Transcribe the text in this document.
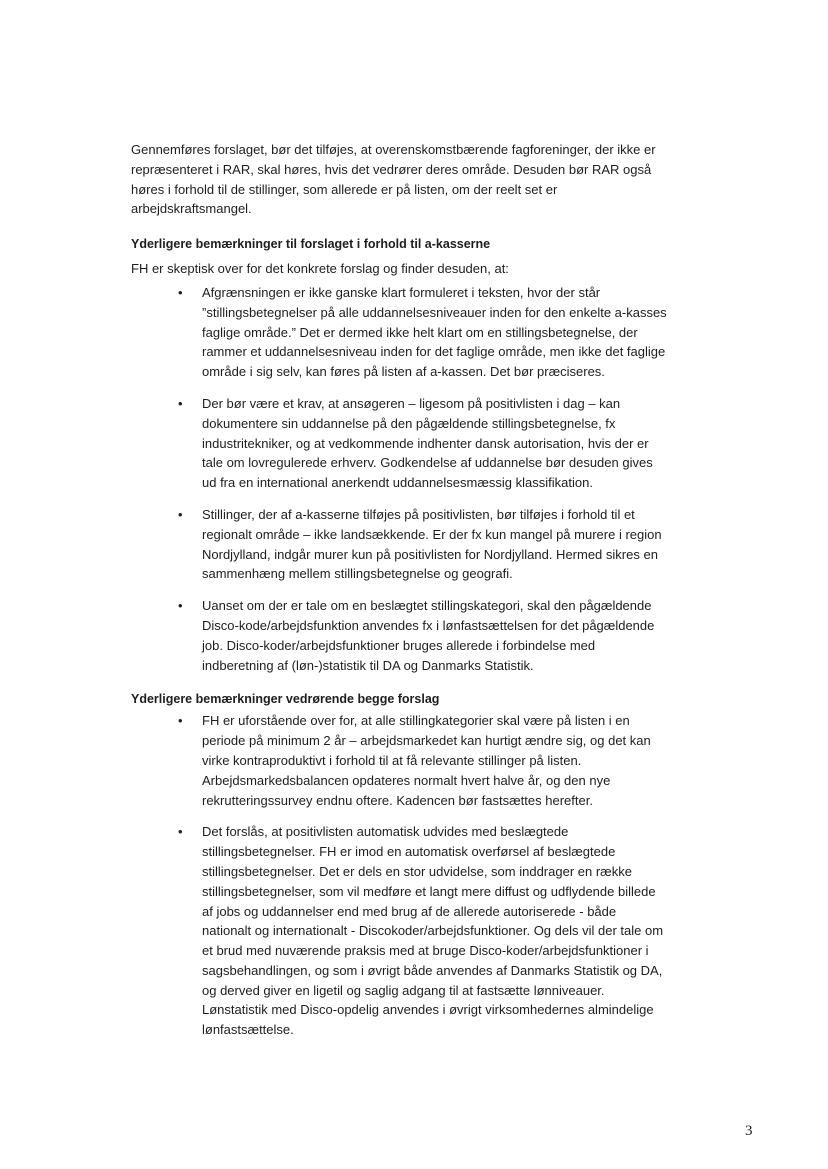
Gennemføres forslaget, bør det tilføjes, at overenskomstbærende fagforeninger, der ikke er repræsenteret i RAR, skal høres, hvis det vedrører deres område. Desuden bør RAR også høres i forhold til de stillinger, som allerede er på listen, om der reelt set er arbejdskraftsmangel.

Yderligere bemærkninger til forslaget i forhold til a-kasserne

FH er skeptisk over for det konkrete forslag og finder desuden, at:

• Afgrænsningen er ikke ganske klart formuleret i teksten, hvor der står ”stillingsbetegnelser på alle uddannelsesniveauer inden for den enkelte a-kasses faglige område.” Det er dermed ikke helt klart om en stillingsbetegnelse, der rammer et uddannelsesniveau inden for det faglige område, men ikke det faglige område i sig selv, kan føres på listen af a-kassen. Det bør præciseres.
• Der bør være et krav, at ansøgeren – ligesom på positivlisten i dag – kan dokumentere sin uddannelse på den pågældende stillingsbetegnelse, fx industritekniker, og at vedkommende indhenter dansk autorisation, hvis der er tale om lovregulerede erhverv. Godkendelse af uddannelse bør desuden gives ud fra en international anerkendt uddannelsesmæssig klassifikation.
• Stillinger, der af a-kasserne tilføjes på positivlisten, bør tilføjes i forhold til et regionalt område – ikke landsækkende. Er der fx kun mangel på murere i region Nordjylland, indgår murer kun på positivlisten for Nordjylland. Hermed sikres en sammenhæng mellem stillingsbetegnelse og geografi.
• Uanset om der er tale om en beslægtet stillingskategori, skal den pågældende Disco-kode/arbejdsfunktion anvendes fx i lønfastsættelsen for det pågældende job. Disco-koder/arbejdsfunktioner bruges allerede i forbindelse med indberetning af (løn-)statistik til DA og Danmarks Statistik.

Yderligere bemærkninger vedrørende begge forslag

• FH er uforstående over for, at alle stillingkategorier skal være på listen i en periode på minimum 2 år – arbejdsmarkedet kan hurtigt ændre sig, og det kan virke kontraproduktivt i forhold til at få relevante stillinger på listen. Arbejdsmarkedsbalancen opdateres normalt hvert halve år, og den nye rekrutteringssurvey endnu oftere. Kadencen bør fastsættes herefter.
• Det forslås, at positivlisten automatisk udvides med beslægtede stillingsbetegnelser. FH er imod en automatisk overførsel af beslægtede stillingsbetegnelser. Det er dels en stor udvidelse, som inddrager en række stillingsbetegnelser, som vil medføre et langt mere diffust og udflydende billede af jobs og uddannelser end med brug af de allerede autoriserede - både nationalt og internationalt - Discokoder/arbejdsfunktioner. Og dels vil der tale om et brud med nuværende praksis med at bruge Disco-koder/arbejdsfunktioner i sagsbehandlingen, og som i øvrigt både anvendes af Danmarks Statistik og DA, og derved giver en ligetil og saglig adgang til at fastsætte lønniveauer. Lønstatistik med Disco-opdelig anvendes i øvrigt virksomhedernes almindelige lønfastsættelse.
3
